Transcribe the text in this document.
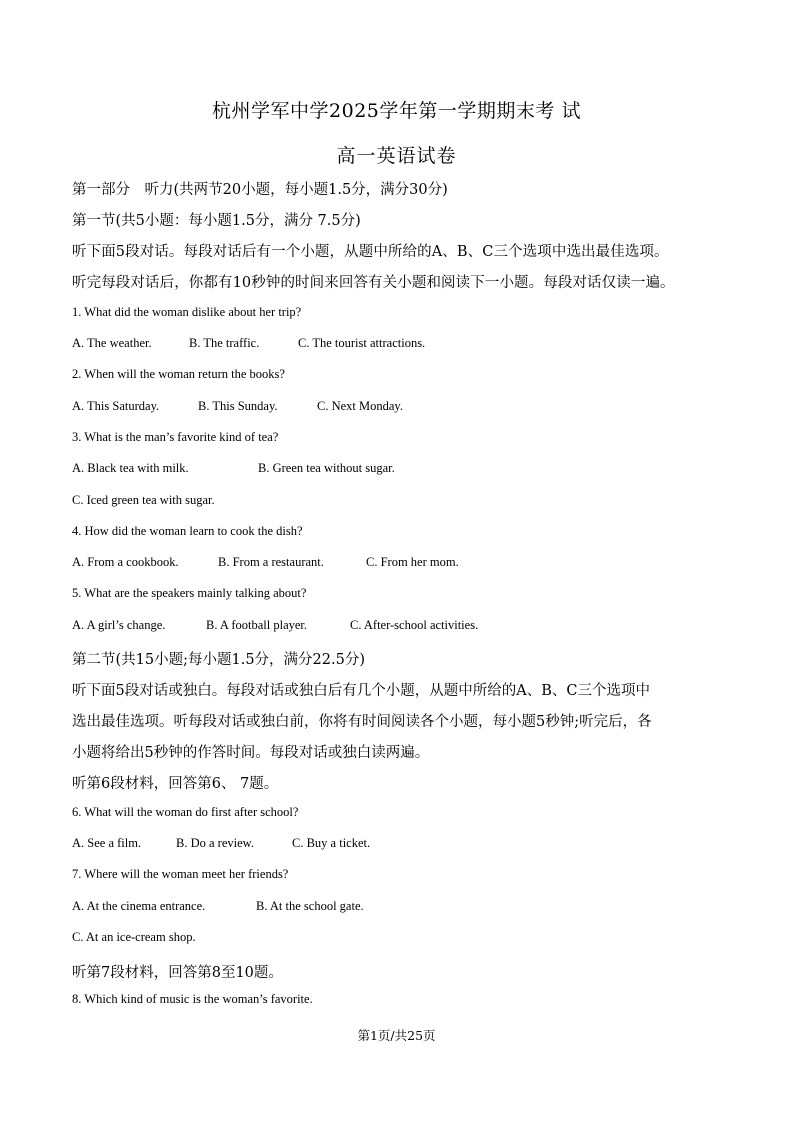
杭州学军中学2025学年第一学期期末考 试
高一英语试卷
第一部分　听力(共两节20小题，每小题1.5分，满分30分)
第一节(共5小题：每小题1.5分，满分 7.5分)
听下面5段对话。每段对话后有一个小题，从题中所给的A、B、C三个选项中选出最佳选项。
听完每段对话后，你都有10秒钟的时间来回答有关小题和阅读下一小题。每段对话仅读一遍。
1. What did the woman dislike about her trip?
A. The weather.	B. The traffic.	C. The tourist attractions.
2. When will the woman return the books?
A. This Saturday.	B. This Sunday.	C. Next Monday.
3. What is the man’s favorite kind of tea?
A. Black tea with milk.	B. Green tea without sugar.
C. Iced green tea with sugar.
4. How did the woman learn to cook the dish?
A. From a cookbook.	B. From a restaurant.	C. From her mom.
5. What are the speakers mainly talking about?
A. A girl’s change.	B. A football player.	C. After-school activities.
第二节(共15小题;每小题1.5分，满分22.5分)
听下面5段对话或独白。每段对话或独白后有几个小题，从题中所给的A、B、C三个选项中
选出最佳选项。听每段对话或独白前，你将有时间阅读各个小题，每小题5秒钟;听完后，各
小题将给出5秒钟的作答时间。每段对话或独白读两遍。
听第6段材料，回答第6、 7题。
6. What will the woman do first after school?
A. See a film.	B. Do a review.	C. Buy a ticket.
7. Where will the woman meet her friends?
A. At the cinema entrance.	B. At the school gate.
C. At an ice-cream shop.
听第7段材料，回答第8至10题。
8. Which kind of music is the woman’s favorite.
第1页/共25页
